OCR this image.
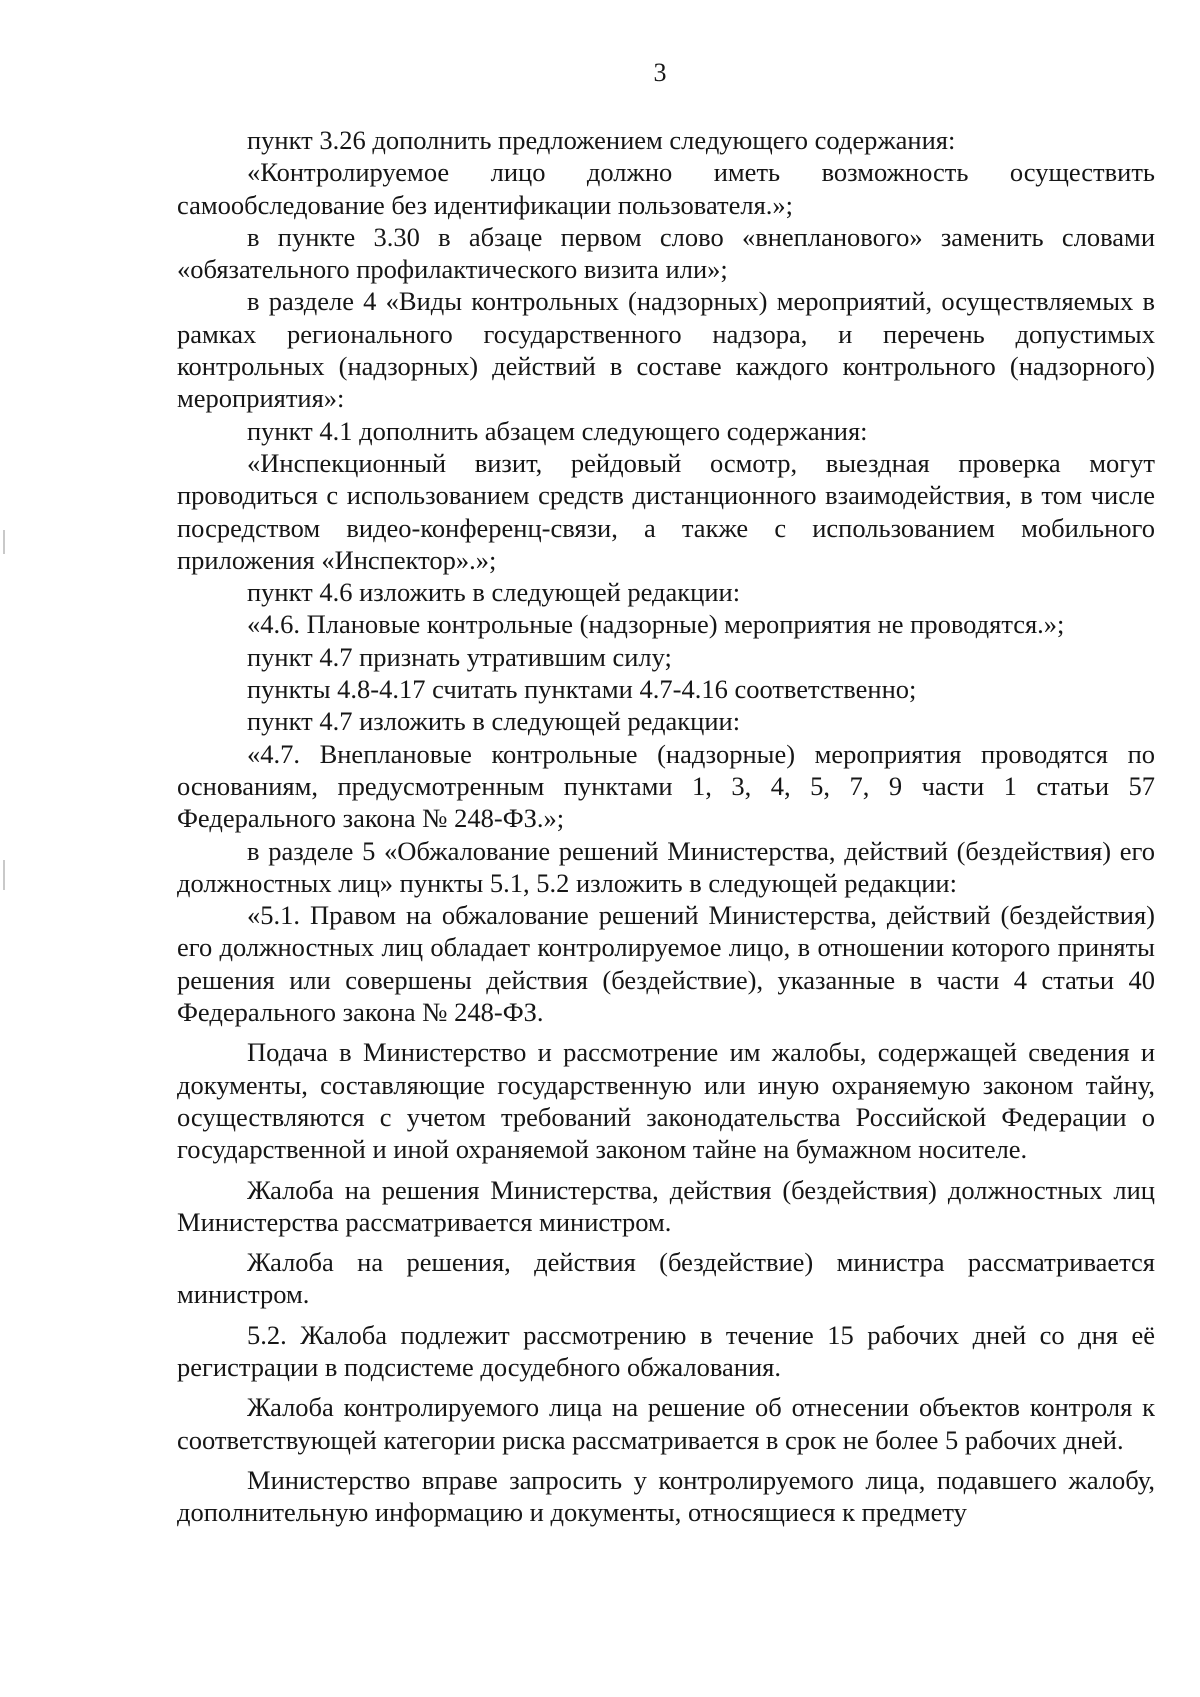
3

пункт 3.26 дополнить предложением следующего содержания:

«Контролируемое лицо должно иметь возможность осуществить самообследование без идентификации пользователя.»;

в пункте 3.30 в абзаце первом слово «внепланового» заменить словами «обязательного профилактического визита или»;

в разделе 4 «Виды контрольных (надзорных) мероприятий, осуществляемых в рамках регионального государственного надзора, и перечень допустимых контрольных (надзорных) действий в составе каждого контрольного (надзорного) мероприятия»:

пункт 4.1 дополнить абзацем следующего содержания:

«Инспекционный визит, рейдовый осмотр, выездная проверка могут проводиться с использованием средств дистанционного взаимодействия, в том числе посредством видео-конференц-связи, а также с использованием мобильного приложения «Инспектор».»;

пункт 4.6 изложить в следующей редакции:

«4.6. Плановые контрольные (надзорные) мероприятия не проводятся.»;

пункт 4.7 признать утратившим силу;

пункты 4.8-4.17 считать пунктами 4.7-4.16 соответственно;

пункт 4.7 изложить в следующей редакции:

«4.7. Внеплановые контрольные (надзорные) мероприятия проводятся по основаниям, предусмотренным пунктами 1, 3, 4, 5, 7, 9 части 1 статьи 57 Федерального закона № 248-ФЗ.»;

в разделе 5 «Обжалование решений Министерства, действий (бездействия) его должностных лиц» пункты 5.1, 5.2 изложить в следующей редакции:

«5.1. Правом на обжалование решений Министерства, действий (бездействия) его должностных лиц обладает контролируемое лицо, в отношении которого приняты решения или совершены действия (бездействие), указанные в части 4 статьи 40 Федерального закона № 248-ФЗ.

Подача в Министерство и рассмотрение им жалобы, содержащей сведения и документы, составляющие государственную или иную охраняемую законом тайну, осуществляются с учетом требований законодательства Российской Федерации о государственной и иной охраняемой законом тайне на бумажном носителе.

Жалоба на решения Министерства, действия (бездействия) должностных лиц Министерства рассматривается министром.

Жалоба на решения, действия (бездействие) министра рассматривается министром.

5.2. Жалоба подлежит рассмотрению в течение 15 рабочих дней со дня её регистрации в подсистеме досудебного обжалования.

Жалоба контролируемого лица на решение об отнесении объектов контроля к соответствующей категории риска рассматривается в срок не более 5 рабочих дней.

Министерство вправе запросить у контролируемого лица, подавшего жалобу, дополнительную информацию и документы, относящиеся к предмету
